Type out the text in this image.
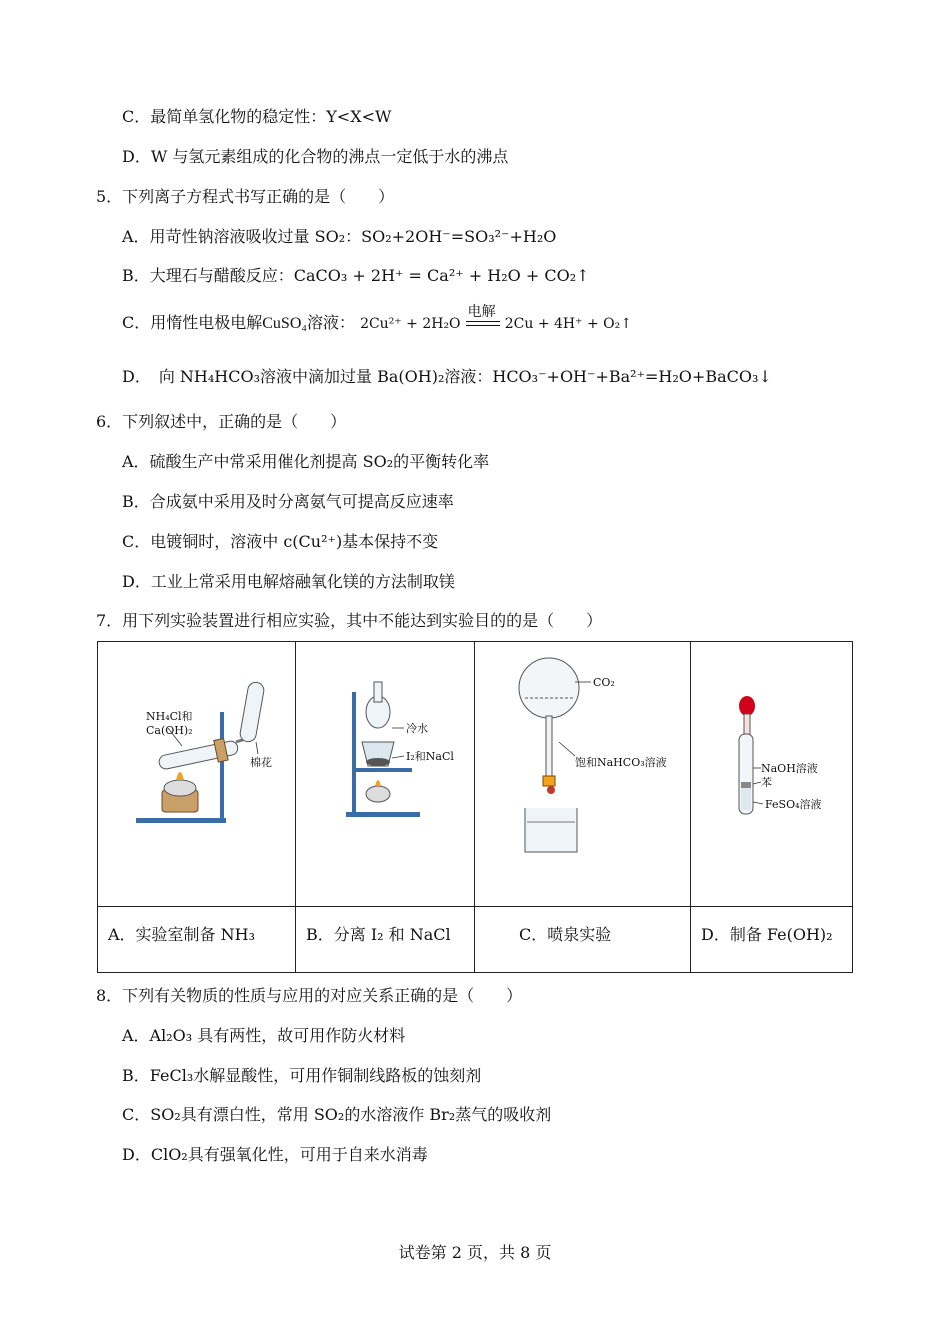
C．最简单氢化物的稳定性：Y<X<W
D．W 与氢元素组成的化合物的沸点一定低于水的沸点
5．下列离子方程式书写正确的是（　　）
A．用苛性钠溶液吸收过量 SO₂：SO₂+2OH⁻=SO₃²⁻+H₂O
B．大理石与醋酸反应：CaCO₃ + 2H⁺ = Ca²⁺ + H₂O + CO₂↑
C．用惰性电极电解CuSO₄溶液： 2Cu²⁺ + 2H₂O
电解
2Cu + 4H⁺ + O₂↑
D．　向 NH₄HCO₃溶液中滴加过量 Ba(OH)₂溶液：HCO₃⁻+OH⁻+Ba²⁺=H₂O+BaCO₃↓
6．下列叙述中，正确的是（　　）
A．硫酸生产中常采用催化剂提高 SO₂的平衡转化率
B．合成氨中采用及时分离氨气可提高反应速率
C．电镀铜时，溶液中 c(Cu²⁺)基本保持不变
D．工业上常采用电解熔融氧化镁的方法制取镁
7．用下列实验装置进行相应实验，其中不能达到实验目的的是（　　）
NH₄Cl和
Ca(OH)₂
棉花
A．实验室制备 NH₃
冷水
I₂和NaCl
B．分离 I₂ 和 NaCl
CO₂
饱和NaHCO₃溶液
C．喷泉实验
NaOH溶液
苯
FeSO₄溶液
D．制备 Fe(OH)₂
8．下列有关物质的性质与应用的对应关系正确的是（　　）
A．Al₂O₃ 具有两性，故可用作防火材料
B．FeCl₃水解显酸性，可用作铜制线路板的蚀刻剂
C．SO₂具有漂白性，常用 SO₂的水溶液作 Br₂蒸气的吸收剂
D．ClO₂具有强氧化性，可用于自来水消毒
试卷第 2 页，共 8 页
